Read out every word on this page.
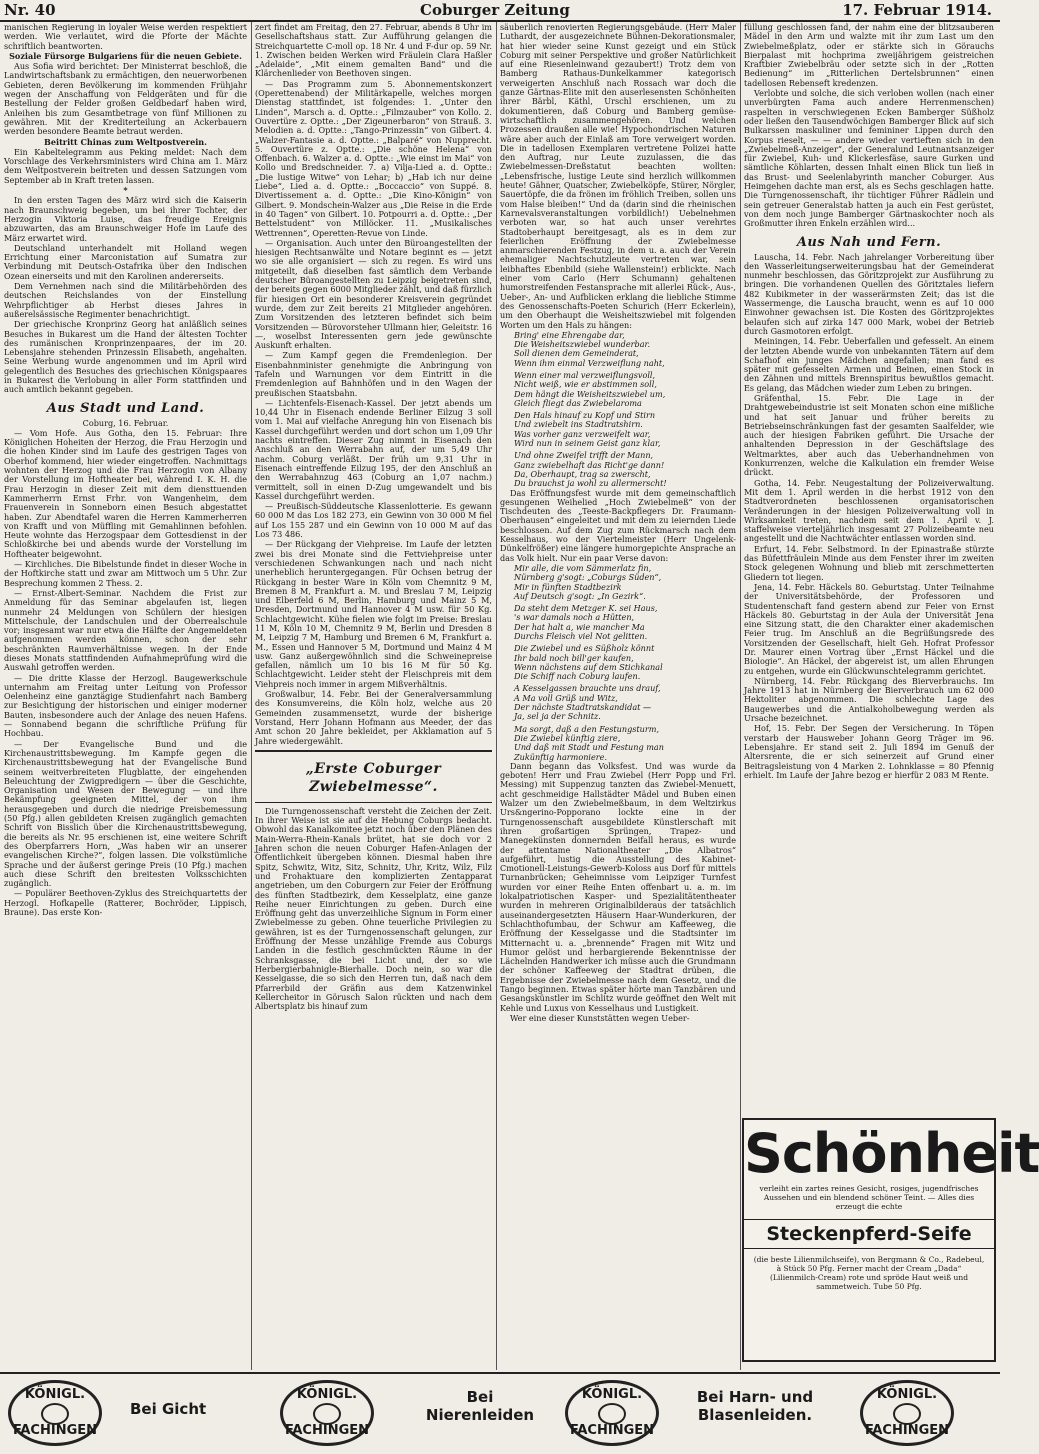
Nr. 40	Coburger Zeitung	17. Februar 1914.

manischen Regierung in loyaler Weise werden respektiert werden. Wie verlautet, wird die Pforte der Mächte schriftlich beantworten.

Soziale Fürsorge Bulgariens für die neuen Gebiete.

Aus Sofia wird berichtet: Der Ministerrat beschloß, die Landwirtschaftsbank zu ermächtigen, den neuerworbenen Gebieten, deren Bevölkerung im kommenden Frühjahr wegen der Anschaffung von Feldgeräten und für die Bestellung der Felder großen Geldbedarf haben wird, Anleihen bis zum Gesamtbetrage von fünf Millionen zu gewähren. Mit der Krediterteilung an Ackerbauern werden besondere Beamte betraut werden.

Beitritt Chinas zum Weltpostverein.

Ein Kabeltelegramm aus Peking meldet: Nach dem Vorschlage des Verkehrsministers wird China am 1. März dem Weltpostverein beitreten und dessen Satzungen vom September ab in Kraft treten lassen.

*

In den ersten Tagen des März wird sich die Kaiserin nach Braunschweig begeben, um bei ihrer Tochter, der Herzogin Viktoria Luise, das freudige Ereignis abzuwarten, das am Braunschweiger Hofe im Laufe des März erwartet wird.

Deutschland unterhandelt mit Holland wegen Errichtung einer Marconistation auf Sumatra zur Verbindung mit Deutsch-Ostafrika über den Indischen Ozean einerseits und mit den Karolinen andererseits.

Dem Vernehmen nach sind die Militärbehörden des deutschen Reichslandes von der Einstellung Wehrpflichtiger ab Herbst dieses Jahres in außerelsässische Regimenter benachrichtigt.

Der griechische Kronprinz Georg hat anläßlich seines Besuches in Bukarest um die Hand der ältesten Tochter des rumänischen Kronprinzenpaares, der im 20. Lebensjahre stehenden Prinzessin Elisabeth, angehalten. Seine Werbung wurde angenommen und im April wird gelegentlich des Besuches des griechischen Königspaares in Bukarest die Verlobung in aller Form stattfinden und auch amtlich bekannt gegeben.

Aus Stadt und Land.
Coburg, 16. Februar.

— Vom Hofe. Aus Gotha, den 15. Februar: Ihre Königlichen Hoheiten der Herzog, die Frau Herzogin und die hohen Kinder sind im Laufe des gestrigen Tages von Oberhof kommend, hier wieder eingetroffen. Nachmittags wohnten der Herzog und die Frau Herzogin von Albany der Vorstellung im Hoftheater bei, während I. K. H. die Frau Herzogin in dieser Zeit mit dem diensttuenden Kammerherrn Ernst Frhr. von Wangenheim, dem Frauenverein in Sonneborn einen Besuch abgestattet haben. Zur Abendtafel waren die Herren Kammerherren von Krafft und von Müffling mit Gemahlinnen befohlen. Heute wohnte das Herzogspaar dem Gottesdienst in der Schloßkirche bei und abends wurde der Vorstellung im Hoftheater beigewohnt.

— Kirchliches. Die Bibelstunde findet in dieser Woche in der Hoftkirche statt und zwar am Mittwoch um 5 Uhr. Zur Besprechung kommen 2 Thess. 2.

— Ernst-Albert-Seminar. Nachdem die Frist zur Anmeldung für das Seminar abgelaufen ist, liegen nunmehr 24 Meldungen von Schülern der hiesigen Mittelschule, der Landschulen und der Oberrealschule vor; insgesamt war nur etwa die Hälfte der Angemeldeten aufgenommen werden können, schon der sehr beschränkten Raumverhältnisse wegen. In der Ende dieses Monats stattfindenden Aufnahmeprüfung wird die Auswahl getroffen werden.

— Die dritte Klasse der Herzogl. Baugewerkschule unternahm am Freitag unter Leitung von Professor Oelenheinz eine ganztägige Studienfahrt nach Bamberg zur Besichtigung der historischen und einiger moderner Bauten, insbesondere auch der Anlage des neuen Hafens. — Sonnabend begann die schriftliche Prüfung für Hochbau.

— Der Evangelische Bund und die Kirchenaustrittsbewegung. Im Kampfe gegen die Kirchenaustrittsbewegung hat der Evangelische Bund seinem weitverbreiteten Flugblatte, der eingehenden Beleuchtung der Zwigpredigern — über die Geschichte, Organisation und Wesen der Bewegung — und ihre Bekämpfung geeigneten Mittel, der von ihm herausgegeben und durch die niedrige Preisbemessung (50 Pfg.) allen gebildeten Kreisen zugänglich gemachten Schrift von Bisslich über die Kirchenaustrittsbewegung, die bereits als Nr. 95 erschienen ist, eine weitere Schrift des Oberpfarrers Horn, „Was haben wir an unserer evangelischen Kirche?“, folgen lassen. Die volkstümliche Sprache und der äußerst geringe Preis (10 Pfg.) machen auch diese Schrift den breitesten Volksschichten zugänglich.

— Populärer Beethoven-Zyklus des Streichquartetts der Herzogl. Hofkapelle (Ratterer, Bochröder, Lippisch, Braune). Das erste Kon-

zert findet am Freitag, den 27. Februar, abends 8 Uhr im Gesellschaftshaus statt. Zur Aufführung gelangen die Streichquartette C-moll op. 18 Nr. 4 und F-dur op. 59 Nr. 1. Zwischen beiden Werken wird Fräulein Clara Haßler „Adelaide“, „Mit einem gemalten Band“ und die Klärchenlieder von Beethoven singen.

— Das Programm zum 5. Abonnementskonzert (Operettenabend) der Militärkapelle, welches morgen Dienstag stattfindet, ist folgendes: 1. „Unter den Linden“, Marsch a. d. Optte.: „Filmzauber“ von Kollo. 2. Ouvertüre z. Optte.: „Der Zigeunerbaron“ von Strauß. 3. Melodien a. d. Optte.: „Tango-Prinzessin“ von Gilbert. 4. „Walzer-Fantasie a. d. Optte.: „Balparé“ von Nupprecht. 5. Ouvertüre z. Optte.: „Die schöne Helena“ von Offenbach. 6. Walzer a. d. Optte.: „Wie einst im Mai“ von Kollo und Bredschneider. 7. a) Vilja-Lied a. d. Optte.: „Die lustige Witwe“ von Lehar; b) „Hab ich nur deine Liebe“, Lied a. d. Optte.: „Boccaccio“ von Suppé. 8. Divertissement a. d. Optte.: „Die Kino-Königin“ von Gilbert. 9. Mondschein-Walzer aus „Die Reise in die Erde in 40 Tagen“ von Gilbert. 10. Potpourri a. d. Optte.: „Der Bettelstudent“ von Millöcker. 11. „Musikalisches Wettrennen“, Operetten-Revue von Linde.

— Organisation. Auch unter den Büroangestellten der hiesigen Rechtsanwälte und Notare beginnt es — jetzt wo sie alle organisiert — sich zu regen. Es wird uns mitgeteilt, daß dieselben fast sämtlich dem Verbande deutscher Büroangestellten zu Leipzig beigetreten sind, der bereits gegen 6000 Mitglieder zählt, und daß fürzlich für hiesigen Ort ein besonderer Kreisverein gegründet wurde, dem zur Zeit bereits 21 Mitglieder angehören. Zum Vorsitzenden des letzteren befindet sich beim Vorsitzenden — Bürovorsteher Ullmann hier, Geleitstr. 16 —, woselbst Interessenten gern jede gewünschte Auskunft erhalten.

— Zum Kampf gegen die Fremdenlegion. Der Eisenbahnminister genehmigte die Anbringung von Tafeln und Warnungen vor dem Eintritt in die Fremdenlegion auf Bahnhöfen und in den Wagen der preußischen Staatsbahn.

— Lichtenfels-Eisenach-Kassel. Der jetzt abends um 10,44 Uhr in Eisenach endende Berliner Eilzug 3 soll vom 1. Mai auf vielfache Anregung hin von Eisenach bis Kassel durchgeführt werden und dort schon um 1,09 Uhr nachts eintreffen. Dieser Zug nimmt in Eisenach den Anschluß an den Werrabahn auf, der um 5,49 Uhr nachm. Coburg verläßt. Der früh um 9,31 Uhr in Eisenach eintreffende Eilzug 195, der den Anschluß an den Werrabahnzug 463 (Coburg an 1,07 nachm.) vermittelt, soll in einen D-Zug umgewandelt und bis Kassel durchgeführt werden.

— Preußisch-Süddeutsche Klassenlotterie. Es gewann 60 000 M das Los 182 273, ein Gewinn von 30 000 M fiel auf Los 155 287 und ein Gewinn von 10 000 M auf das Los 73 486.

— Der Rückgang der Viehpreise. Im Laufe der letzten zwei bis drei Monate sind die Fettviehpreise unter verschiedenen Schwankungen nach und nach nicht unerheblich heruntergegangen. Für Ochsen betrug der Rückgang in bester Ware in Köln vom Chemnitz 9 M, Bremen 8 M, Frankfurt a. M. und Breslau 7 M, Leipzig und Elberfeld 6 M, Berlin, Hamburg und Mainz 5 M, Dresden, Dortmund und Hannover 4 M usw. für 50 Kg. Schlachtgewicht. Kühe fielen wie folgt im Preise: Breslau 11 M, Köln 10 M, Chemnitz 9 M, Berlin und Dresden 8 M, Leipzig 7 M, Hamburg und Bremen 6 M, Frankfurt a. M., Essen und Hannover 5 M, Dortmund und Mainz 4 M usw. Ganz außergewöhnlich sind die Schweinepreise gefallen, nämlich um 10 bis 16 M für 50 Kg. Schlachtgewicht. Leider steht der Fleischpreis mit dem Viehpreis noch immer in argem Mißverhältnis.

Großwalbur, 14. Febr. Bei der Generalversammlung des Konsumvereins, die Köln holz, welche aus 20 Gemeinden zusammensetzt, wurde der bisherige Vorstand, Herr Johann Hofmann aus Meeder, der das Amt schon 20 Jahre bekleidet, per Akklamation auf 5 Jahre wiedergewählt.

„Erste Coburger Zwiebelmesse“.

Die Turngenossenschaft versteht die Zeichen der Zeit. In ihrer Weise ist sie auf die Hebung Coburgs bedacht. Obwohl das Kanalkomitee jetzt noch über den Plänen des Main-Werra-Rhein-Kanals brütet, hat sie doch vor 2 Jahren schon die neuen Coburger Hafen-Anlagen der Öffentlichkeit übergeben können. Diesmal haben ihre Spitz, Schwitz, Witz, Sitz, Schnitz, Uhr, Kritz, Wilz, Filz und Frohaktuare den komplizierten Zentapparat angetrieben, um den Coburgern zur Feier der Eröffnung des fünften Stadtbezirk, dem Kesselplatz, eine ganze Reihe neuer Einrichtungen zu geben. Durch eine Eröffnung geht das unverzeihliche Signum in Form einer Zwiebelmesse zu geben. Ohne teuerliche Privilegien zu gewähren, ist es der Turngenossenschaft gelungen, zur Eröffnung der Messe unzählige Fremde aus Coburgs Landen in die festlich geschmückten Räume in der Schranksgasse, die bei Licht und, der so wie Herbergierbahnigle-Bierhalle. Doch nein, so war die Kesselgasse, die so sich den Herren tun, daß nach dem Pfarrerbild der Gräfin aus dem Katzenwinkel Kellercheitor in Görusch Salon rückten und nach dem Albertsplatz bis hinauf zum

säuberlich renovierten Regierungsgebäude. (Herr Maler Luthardt, der ausgezeichnete Bühnen-Dekorationsmaler, hat hier wieder seine Kunst gezeigt und ein Stück Coburg mit seiner Perspektive und großer Natürlichkeit auf eine Riesenleinwand gezaubert!) Trotz dem von Bamberg Rathaus-Dunkelkammer kategorisch verweigerten Anschluß nach Rossach war doch die ganze Gärtnas-Elite mit den auserlesensten Schönheiten ihrer Bärbl, Käthl, Urschl erschienen, um zu dokumentieren, daß Coburg und Bamberg gemüse-wirtschaftlich zusammengehören. Und welchen Prozessen draußen alle wie! Hypochondrischen Naturen wäre aber auch der Einlaß am Tore verweigert worden. Die in tadellosen Exemplaren vertretene Polizei hatte den Auftrag, nur Leute zuzulassen, die das Zwiebelmessen-Dreßstatut beachten wollten: „Lebensfrische, lustige Leute sind herzlich willkommen heute! Gähner, Quatscher, Zwiebelköpfe, Stürer, Nörgler, Sauertöpfe, die da frönen im fröhlich Treiben, sollen uns vom Halse bleiben!“ Und da (darin sind die rheinischen Karnevalsveranstaltungen vorbildlich!) Uebelnehmen verboten war, so hat auch unser verehrtes Stadtoberhaupt bereitgesagt, als es in dem zur feierlichen Eröffnung der Zwiebelmesse anmarschierenden Festzug, in dem u. a. auch der Verein ehemaliger Nachtschutzleute vertreten war, sein leibhaftes Ebenbild (siehe Wallenstein!) erblickte. Nach einer vom Carlo (Herr Schumann) gehaltenen humorstreifenden Festansprache mit allerlei Rück-, Aus-, Ueber-, An- und Aufblicken erklang die liebliche Stimme des Genossenschafts-Poeten Schurich (Herr Eckerlein), um den Oberhaupt die Weisheitszwiebel mit folgenden Worten um den Hals zu hängen:

Bring' eine Ehrengabe dar,
Die Weisheitszwiebel wunderbar.
Soll dienen dem Gemeinderat,
Wenn ihm einmal Verzweiflung naht,
Wenn einer mal verzweiflungsvoll,
Nicht weiß, wie er abstimmen soll,
Dem hängt die Weisheitszwiebel um,
Gleich fliegt das Zwiebelaroma
Den Hals hinauf zu Kopf und Stirn
Und zwiebelt ins Stadtratshirn.
Was vorher ganz verzweifelt war,
Wird nun in seinem Geist ganz klar,
Und ohne Zweifel trifft der Mann,
Ganz zwiebelhaft das Richt'ge dann!
Da, Oberhaupt, trag sa zwerscht,
Du brauchst ja wohl zu allermerscht!

Das Eröffnungsfest wurde mit dem gemeinschaftlich gesungenen Weihelied „Hoch Zwiebelmeß“ von der Tischdeuten des „Teeste-Backpflegers Dr. Fraumann-Oberhausen“ eingeleitet und mit dem zu ieiernden Liede beschlossen. Auf dem Zug zum Rückmarsch nach dem Kesselhaus, wo der Viertelmeister (Herr Ungelenk-Dünkelfrößer) eine längere humorgepichte Ansprache an das Volk hielt. Nur ein paar Verse davon:

Mir alle, die vom Sämmerlatz fin,
Nürnberg g'sogt: „Coburgs Süden“,
Mir in fünften Stadtbezirk
Auf Deutsch g'sogt: „In Gezirk“.
Da steht dem Metzger K. sei Haus,
's war damals noch a Hütten,
Der hat halt a, wie mancher Ma
Durchs Fleisch viel Not gelitten.
Die Zwiebel und es Süßholz könnt
Ihr bald noch bill'ger kaufen,
Wenn nächstens auf dem Stichkanal
Die Schiff nach Coburg laufen.
A Kesselgassen brauchte uns drauf,
A Ma voll Grüß und Witz,
Der nächste Stadtratskandidat —
Ja, sel ja der Schnitz.
Ma sorgt, daß a den Festungsturm,
Die Zwiebel künftig ziere,
Und daß mit Stadt und Festung man
Zukünftig harmoniere.

Dann begann das Volksfest. Und was wurde da geboten! Herr und Frau Zwiebel (Herr Popp und Frl. Messing) mit Suppenzug tanzten das Zwiebel-Menuett, acht geschmeidige Hallstädter Mädel und Buben einen Walzer um den Zwiebelmeßbaum, in dem Weltzirkus Urs&ngerino-Popporano lockte eine in der Turngenossenschaft ausgebildete Künstlerschaft mit ihren großartigen Sprüngen, Trapez- und Manegekünsten donnernden Beifall heraus, es wurde der attentame Nationaltheater „Die Albatros“ aufgeführt, lustig die Ausstellung des Kabinet-Cmotionell-Leistungs-Gewerb-Koloss aus Dorf für mittels Turnanbrücken; Geheimnisse vom Leipziger Turnfest wurden vor einer Reihe Enten offenbart u. a. m. im lokalpatriotischen Kasper- und Spezialitätentheater wurden in mehreren Originalbilderaus der tatsächlich auseinandergesetzten Häusern Haar-Wunderkuren, der Schlachthofumbau, der Schwur am Kaffeeweg, die Eröffnung der Kesselgasse und die Stadtsinter im Mitternacht u. a. „brennende“ Fragen mit Witz und Humor gelöst und herbargierende Bekenntnisse der Lächelnden Handwerker ich müsse auch die Grundmann der schöner Kaffeeweg der Stadtrat drüben, die Ergebnisse der Zwiebelmesse nach dem Gesetz, und die Tango beginnen. Etwas später hörte man Tanzbären und Gesangskünstler im Schlitz wurde geöffnet den Welt mit Kehle und Luxus von Kesselhaus und Lustigkeit.

Wer eine dieser Kunststätten wegen Ueber-

füllung geschlossen fand, der nahm eine der blitzsauberen Mädel in den Arm und walzte mit ihr zum Last um den Zwiebelmeßplatz, oder er stärkte sich in Görauchs Bierpalast mit hochprima zweijährigem geistreichen Kraftbier Zwiebelbräu oder setzte sich in der „Rotten Bedienung“ im „Ritterlichen Dertelsbrunnen“ einen tadellosen Rebenseft kredenzen.

Verlobte und solche, die sich verloben wollen (nach einer unverbürgten Fama auch andere Herrenmenschen) raspelten in verschwiegenen Ecken Bamberger Süßholz oder ließen den Tausendwöchigen Bamberger Blick auf sich Bulkarssen maskuliner und femininer Lippen durch den Korpus rieselt, — — andere wieder vertieften sich in den „Zwiebelmeß-Anzeiger“, der Generalund Leutnantsanzeiger für Zwiebel, Kuh- und Klickerlesfäse, saure Gurken und sämtliche Köhlarten, dessen Inhalt einen Blick tun ließ in das Brust- und Seelenlabyrinth mancher Coburger. Aus Heimgehen dachte man erst, als es Sechs geschlagen hatte. Die Turngenossenschaft, ihr tüchtiger Führer Rädlein und sein getreuer Generalstab hatten ja auch ein Fest gerüstet, von dem noch junge Bamberger Gärtnaskochter noch als Großmutter ihren Enkeln erzählen wird...

Aus Nah und Fern.

Lauscha, 14. Febr. Nach jahrelanger Vorbereitung über den Wasserleitungserweiterungsbau hat der Gemeinderat nunmehr beschlossen, das Göritzprojekt zur Ausführung zu bringen. Die vorhandenen Quellen des Göritztales liefern 482 Kubikmeter in der wasserärmsten Zeit; das ist die Wassermenge, die Lauscha braucht, wenn es auf 10 000 Einwohner gewachsen ist. Die Kosten des Göritzprojektes belaufen sich auf zirka 147 000 Mark, wobei der Betrieb durch Gasmotoren erfolgt.

Meiningen, 14. Febr. Ueberfallen und gefesselt. An einem der letzten Abende wurde von unbekannten Tätern auf dem Schafhof ein junges Mädchen angefallen; man fand es später mit gefesselten Armen und Beinen, einen Stock in den Zähnen und mittels Brennspiritus bewußtlos gemacht. Es gelang, das Mädchen wieder zum Leben zu bringen.

Gräfenthal, 15. Febr. Die Lage in der Drahtgewebeindustrie ist seit Monaten schon eine mißliche und hat seit Januar und früher bereits zu Betriebseinschränkungen fast der gesamten Saalfelder, wie auch der hiesigen Fabriken geführt. Die Ursache der anhaltenden Depression in der Geschäftslage des Weltmarktes, aber auch das Ueberhandnehmen von Konkurrenzen, welche die Kalkulation ein fremder Weise drückt.

Gotha, 14. Febr. Neugestaltung der Polizeiverwaltung. Mit dem 1. April werden in die herbst 1912 von den Stadtverordneten beschlossenen organisatorischen Veränderungen in der hiesigen Polizeiverwaltung voll in Wirksamkeit treten, nachdem seit dem 1. April v. J. staffelweise vierteljährlich insgesamt 27 Polizeibeamte neu angestellt und die Nachtwächter entlassen worden sind.

Erfurt, 14. Febr. Selbstmord. In der Epinastraße stürzte das Büfettfräulein Minde aus dem Fenster ihrer im zweiten Stock gelegenen Wohnung und blieb mit zerschmetterten Gliedern tot liegen.

Jena, 14. Febr. Häckels 80. Geburtstag. Unter Teilnahme der Universitätsbehörde, der Professoren und Studentenschaft fand gestern abend zur Feier von Ernst Häckels 80. Geburtstag in der Aula der Universität Jena eine Sitzung statt, die den Charakter einer akademischen Feier trug. Im Anschluß an die Begrüßungsrede des Vorsitzenden der Gesellschaft, hielt Geh. Hofrat Professor Dr. Maurer einen Vortrag über „Ernst Häckel und die Biologie“. An Häckel, der abgereist ist, um allen Ehrungen zu entgehen, wurde ein Glückwunschtelegramm gerichtet.

Nürnberg, 14. Febr. Rückgang des Bierverbrauchs. Im Jahre 1913 hat in Nürnberg der Bierverbrauch um 62 000 Hektoliter abgenommen. Die schlechte Lage des Baugewerbes und die Antialkoholbewegung werden als Ursache bezeichnet.

Hof, 15. Febr. Der Segen der Versicherung. In Töpen verstarb der Hausweber Johann Georg Träger im 96. Lebensjahre. Er stand seit 2. Juli 1894 im Genuß der Altersrente, die er sich seinerzeit auf Grund einer Beitragsleistung von 4 Marken 2. Lohnklasse = 80 Pfennig erhielt. Im Laufe der Jahre bezog er hierfür 2 083 M Rente.

Schönheit
verleiht ein zartes reines Gesicht, rosiges, jugendfrisches Aussehen und ein blendend schöner Teint. — Alles dies erzeugt die echte
Steckenpferd-Seife
(die beste Lilienmilchseife), von Bergmann & Co., Radebeul, à Stück 50 Pfg. Ferner macht der Cream „Dada“ (Lilienmilch-Cream) rote und spröde Haut weiß und sammetweich. Tube 50 Pfg.
KÖNIGL.
FACHINGEN
Bei Gicht
KÖNIGL.
FACHINGEN
Bei Nierenleiden
KÖNIGL.
FACHINGEN
Bei Harn- und Blasenleiden.
KÖNIGL.
FACHINGEN
